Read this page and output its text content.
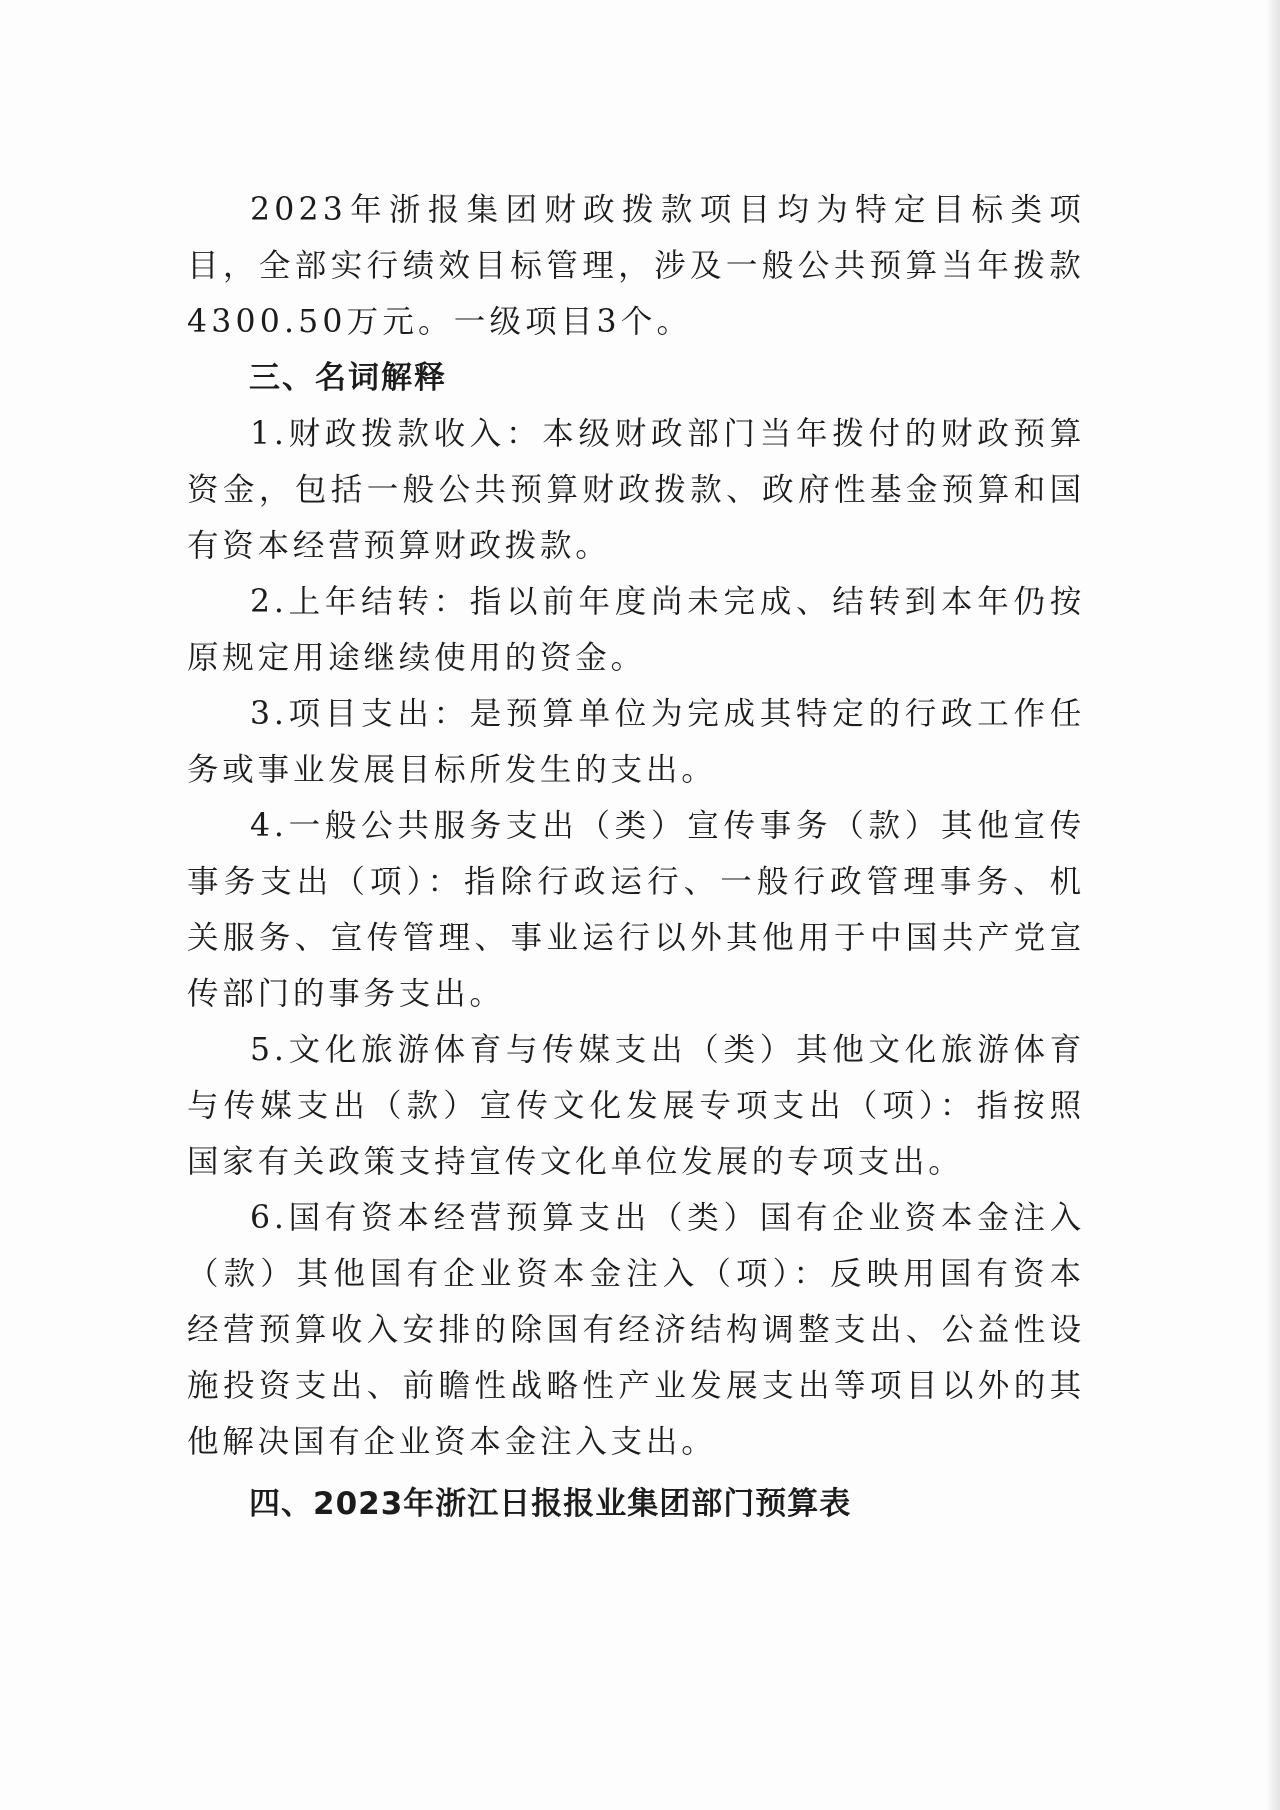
2023年浙报集团财政拨款项目均为特定目标类项目，全部实行绩效目标管理，涉及一般公共预算当年拨款4300.50万元。一级项目3个。

三、名词解释

1.财政拨款收入：本级财政部门当年拨付的财政预算资金，包括一般公共预算财政拨款、政府性基金预算和国有资本经营预算财政拨款。

2.上年结转：指以前年度尚未完成、结转到本年仍按原规定用途继续使用的资金。

3.项目支出：是预算单位为完成其特定的行政工作任务或事业发展目标所发生的支出。

4.一般公共服务支出（类）宣传事务（款）其他宣传事务支出（项）：指除行政运行、一般行政管理事务、机关服务、宣传管理、事业运行以外其他用于中国共产党宣传部门的事务支出。

5.文化旅游体育与传媒支出（类）其他文化旅游体育与传媒支出（款）宣传文化发展专项支出（项）：指按照国家有关政策支持宣传文化单位发展的专项支出。

6.国有资本经营预算支出（类）国有企业资本金注入（款）其他国有企业资本金注入（项）：反映用国有资本经营预算收入安排的除国有经济结构调整支出、公益性设施投资支出、前瞻性战略性产业发展支出等项目以外的其他解决国有企业资本金注入支出。

四、2023年浙江日报报业集团部门预算表
